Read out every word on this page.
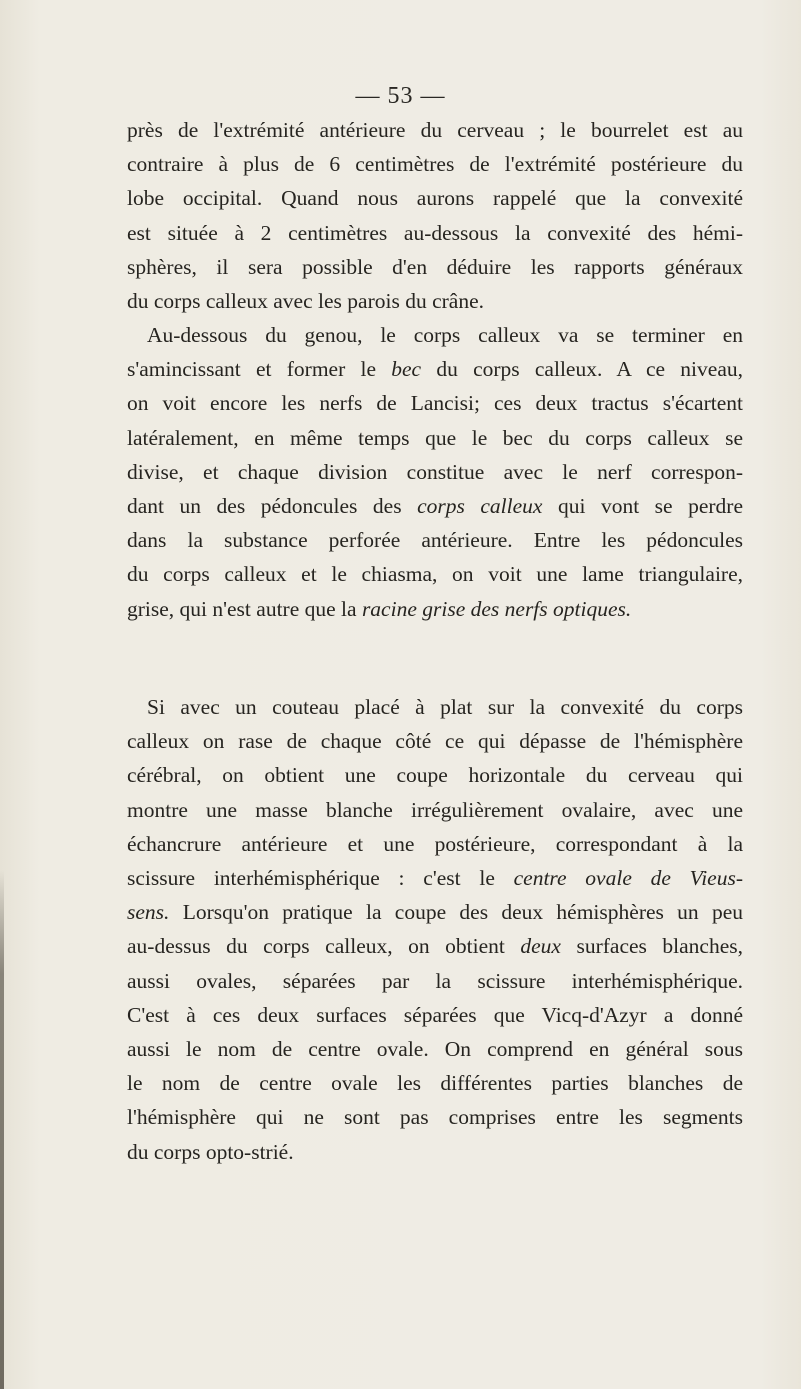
— 53 —
près de l'extrémité antérieure du cerveau ; le bourrelet est au
contraire à plus de 6 centimètres de l'extrémité postérieure du
lobe occipital. Quand nous aurons rappelé que la convexité
est située à 2 centimètres au-dessous la convexité des hémi-
sphères, il sera possible d'en déduire les rapports généraux
du corps calleux avec les parois du crâne.
Au-dessous du genou, le corps calleux va se terminer en
s'amincissant et former le bec du corps calleux. A ce niveau,
on voit encore les nerfs de Lancisi; ces deux tractus s'écartent
latéralement, en même temps que le bec du corps calleux se
divise, et chaque division constitue avec le nerf correspon-
dant un des pédoncules des corps calleux qui vont se perdre
dans la substance perforée antérieure. Entre les pédoncules
du corps calleux et le chiasma, on voit une lame triangulaire,
grise, qui n'est autre que la racine grise des nerfs optiques.
Si avec un couteau placé à plat sur la convexité du corps
calleux on rase de chaque côté ce qui dépasse de l'hémisphère
cérébral, on obtient une coupe horizontale du cerveau qui
montre une masse blanche irrégulièrement ovalaire, avec une
échancrure antérieure et une postérieure, correspondant à la
scissure interhémisphérique : c'est le centre ovale de Vieus-
sens. Lorsqu'on pratique la coupe des deux hémisphères un peu
au-dessus du corps calleux, on obtient deux surfaces blanches,
aussi ovales, séparées par la scissure interhémisphérique.
C'est à ces deux surfaces séparées que Vicq-d'Azyr a donné
aussi le nom de centre ovale. On comprend en général sous
le nom de centre ovale les différentes parties blanches de
l'hémisphère qui ne sont pas comprises entre les segments
du corps opto-strié.
